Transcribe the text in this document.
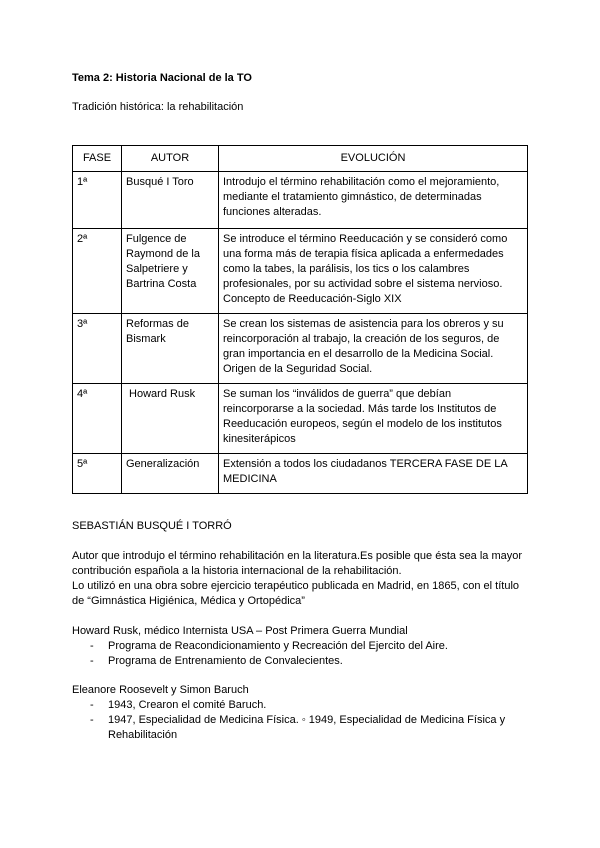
Tema 2: Historia Nacional de la TO
Tradición histórica: la rehabilitación
FASE	AUTOR	EVOLUCIÓN
1ª	Busqué I Toro	Introdujo el término rehabilitación como el mejoramiento, mediante el tratamiento gimnástico, de determinadas funciones alteradas.
2ª	Fulgence de Raymond de la Salpetriere y Bartrina Costa	Se introduce el término Reeducación y se consideró como una forma más de terapia física aplicada a enfermedades como la tabes, la parálisis, los tics o los calambres profesionales, por su actividad sobre el sistema nervioso. Concepto de Reeducación-Siglo XIX
3ª	Reformas de Bismark	Se crean los sistemas de asistencia para los obreros y su reincorporación al trabajo, la creación de los seguros, de gran importancia en el desarrollo de la Medicina Social. Origen de la Seguridad Social.
4ª	Howard Rusk	Se suman los “inválidos de guerra” que debían reincorporarse a la sociedad. Más tarde los Institutos de Reeducación europeos, según el modelo de los institutos kinesiterápicos
5ª	Generalización	Extensión a todos los ciudadanos TERCERA FASE DE LA MEDICINA
SEBASTIÁN BUSQUÉ I TORRÓ
Autor que introdujo el término rehabilitación en la literatura.Es posible que ésta sea la mayor contribución española a la historia internacional de la rehabilitación.
Lo utilizó en una obra sobre ejercicio terapéutico publicada en Madrid, en 1865, con el título de “Gimnástica Higiénica, Médica y Ortopédica”
Howard Rusk, médico Internista USA – Post Primera Guerra Mundial
- Programa de Reacondicionamiento y Recreación del Ejercito del Aire.
- Programa de Entrenamiento de Convalecientes.
Eleanore Roosevelt y Simon Baruch
- 1943, Crearon el comité Baruch.
- 1947, Especialidad de Medicina Física. ◦ 1949, Especialidad de Medicina Física y Rehabilitación
